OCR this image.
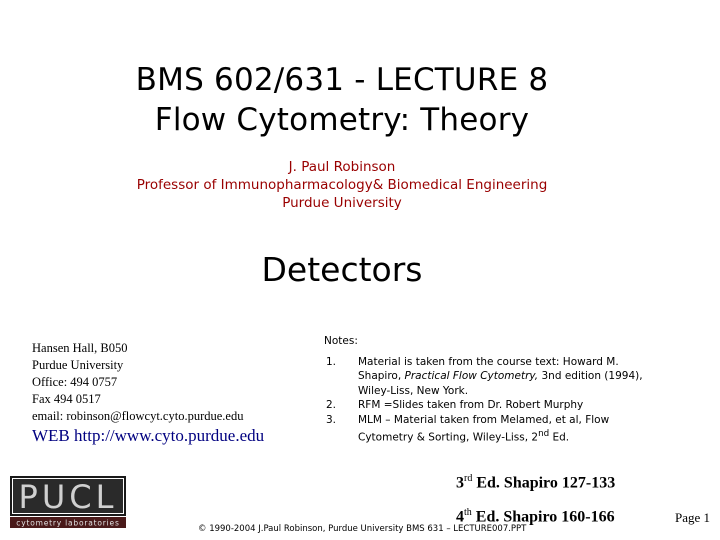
BMS 602/631 - LECTURE 8
Flow Cytometry: Theory
J. Paul Robinson
Professor of Immunopharmacology& Biomedical Engineering
Purdue University
Detectors
Hansen Hall, B050
Purdue University
Office: 494 0757
Fax 494 0517
email: robinson@flowcyt.cyto.purdue.edu
WEB http://www.cyto.purdue.edu
Notes:
1.	Material is taken from the course text: Howard M. Shapiro, Practical Flow Cytometry, 3nd edition (1994), Wiley-Liss, New York.
2.	RFM =Slides taken from Dr. Robert Murphy
3.	MLM – Material taken from Melamed, et al, Flow Cytometry & Sorting, Wiley-Liss, 2nd Ed.
3rd Ed. Shapiro 127-133
4th Ed. Shapiro 160-166
PUCL
cytometry laboratories
© 1990-2004 J.Paul Robinson, Purdue University BMS 631 – LECTURE007.PPT
Page 1
